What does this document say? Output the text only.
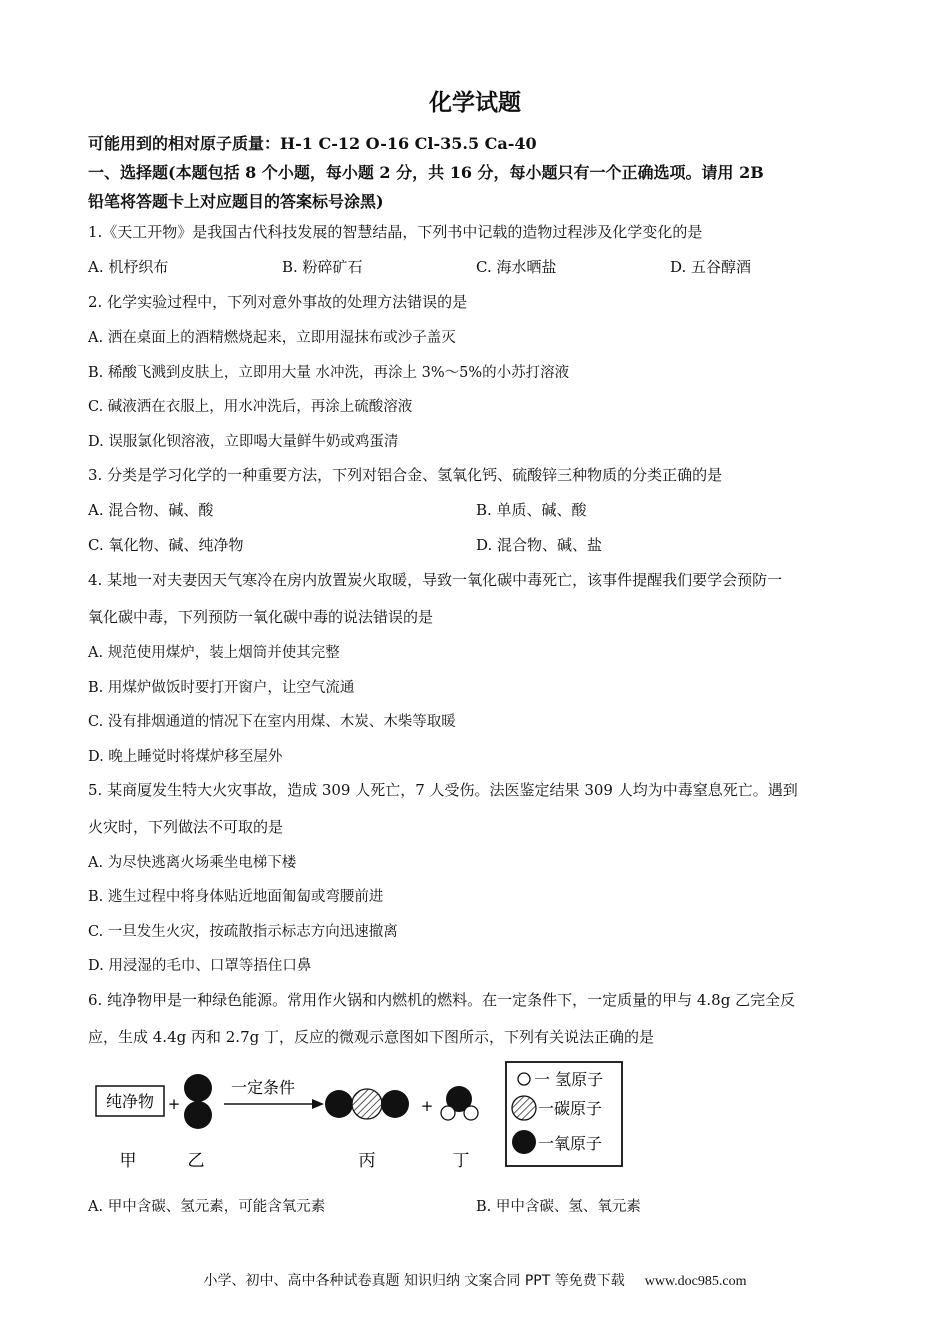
化学试题
可能用到的相对原子质量：H-1 C-12 O-16 Cl-35.5 Ca-40
一、选择题(本题包括 8 个小题，每小题 2 分，共 16 分，每小题只有一个正确选项。请用 2B
铅笔将答题卡上对应题目的答案标号涂黑)
1.《天工开物》是我国古代科技发展的智慧结晶，下列书中记载的造物过程涉及化学变化的是
A. 机杼织布	B. 粉碎矿石	C. 海水晒盐	D. 五谷醇酒
2. 化学实验过程中，下列对意外事故的处理方法错误的是
A. 洒在桌面上的酒精燃烧起来，立即用湿抹布或沙子盖灭
B. 稀酸飞溅到皮肤上，立即用大量 水冲洗，再涂上 3%～5%的小苏打溶液
C. 碱液洒在衣服上，用水冲洗后，再涂上硫酸溶液
D. 误服氯化钡溶液，立即喝大量鲜牛奶或鸡蛋清
3. 分类是学习化学的一种重要方法，下列对铝合金、氢氧化钙、硫酸锌三种物质的分类正确的是
A. 混合物、碱、酸	B. 单质、碱、酸
C. 氧化物、碱、纯净物	D. 混合物、碱、盐
4. 某地一对夫妻因天气寒冷在房内放置炭火取暖，导致一氧化碳中毒死亡，该事件提醒我们要学会预防一
氧化碳中毒，下列预防一氧化碳中毒的说法错误的是
A. 规范使用煤炉，装上烟筒并使其完整
B. 用煤炉做饭时要打开窗户，让空气流通
C. 没有排烟通道的情况下在室内用煤、木炭、木柴等取暖
D. 晚上睡觉时将煤炉移至屋外
5. 某商厦发生特大火灾事故，造成 309 人死亡，7 人受伤。法医鉴定结果 309 人均为中毒窒息死亡。遇到
火灾时，下列做法不可取的是
A. 为尽快逃离火场乘坐电梯下楼
B. 逃生过程中将身体贴近地面匍匐或弯腰前进
C. 一旦发生火灾，按疏散指示标志方向迅速撤离
D. 用浸湿的毛巾、口罩等捂住口鼻
6. 纯净物甲是一种绿色能源。常用作火锅和内燃机的燃料。在一定条件下，一定质量的甲与 4.8g 乙完全反
应，生成 4.4g 丙和 2.7g 丁，反应的微观示意图如下图所示，下列有关说法正确的是
纯净物 +
一定条件
+
甲	乙	丙	丁
一 氢原子
一碳原子
一氧原子
A. 甲中含碳、氢元素，可能含氧元素	B. 甲中含碳、氢、氧元素
小学、初中、高中各种试卷真题 知识归纳 文案合同 PPT 等免费下载 www.doc985.com
